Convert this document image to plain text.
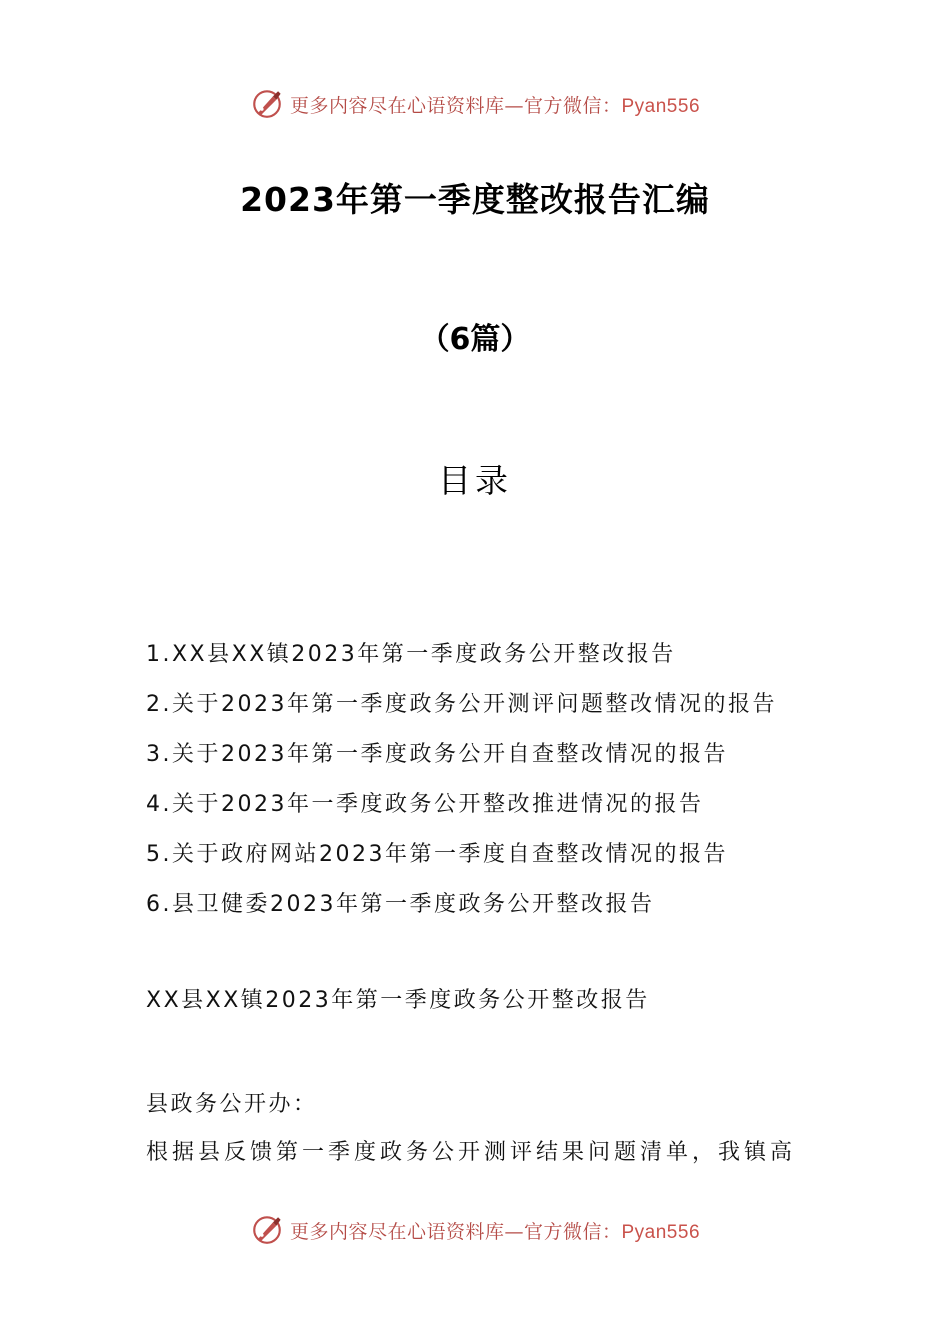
更多内容尽在心语资料库—官方微信：Pyan556
2023年第一季度整改报告汇编
（6篇）
目录
1.XX县XX镇2023年第一季度政务公开整改报告
2.关于2023年第一季度政务公开测评问题整改情况的报告
3.关于2023年第一季度政务公开自查整改情况的报告
4.关于2023年一季度政务公开整改推进情况的报告
5.关于政府网站2023年第一季度自查整改情况的报告
6.县卫健委2023年第一季度政务公开整改报告
XX县XX镇2023年第一季度政务公开整改报告
县政务公开办：
根据县反馈第一季度政务公开测评结果问题清单，我镇高
更多内容尽在心语资料库—官方微信：Pyan556
